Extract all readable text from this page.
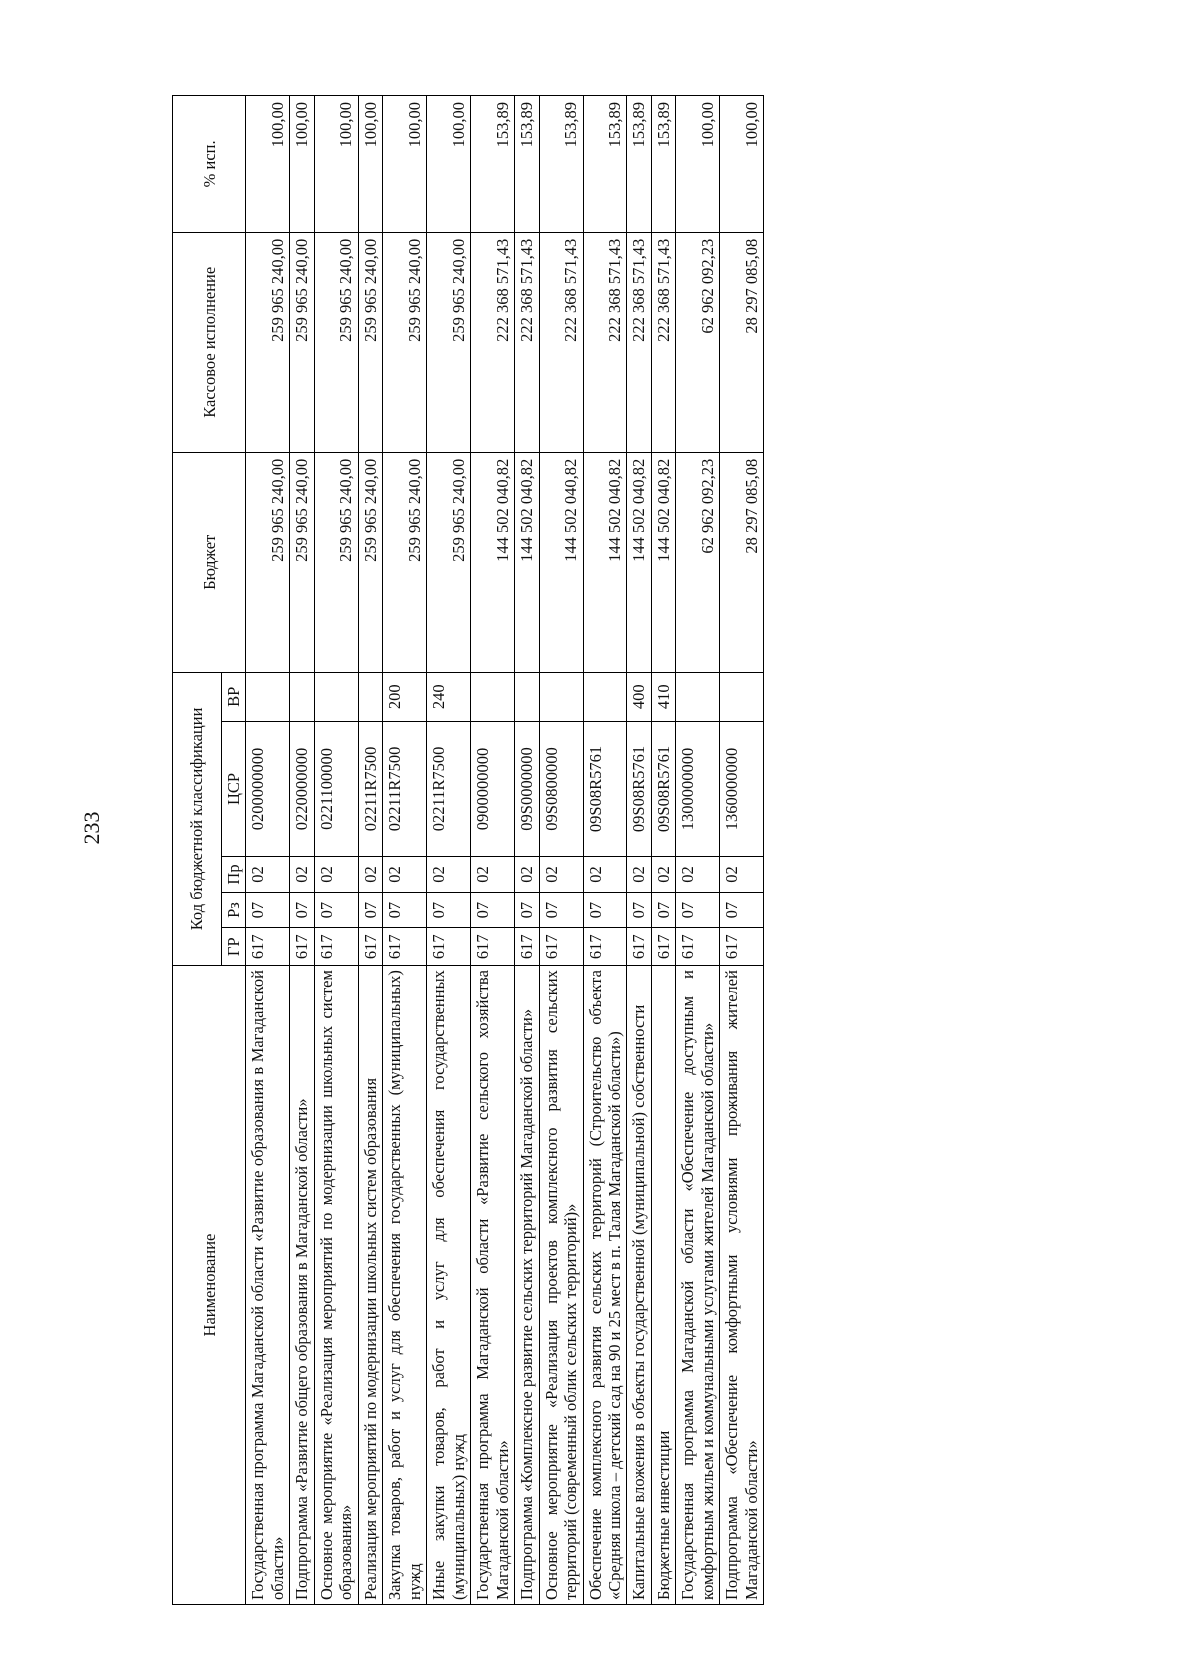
233
Наименование	Код бюджетной классификации					Бюджет	Кассовое исполнение	% исп.
	ГР	Рз	Пр	ЦСР	ВР			
Государственная программа Магаданской области «Развитие образования в Магаданской области»	617	07	02	0200000000		259 965 240,00	259 965 240,00	100,00
Подпрограмма «Развитие общего образования в Магаданской области»	617	07	02	0220000000		259 965 240,00	259 965 240,00	100,00
Основное мероприятие «Реализация мероприятий по модернизации школьных систем образования»	617	07	02	0221100000		259 965 240,00	259 965 240,00	100,00
Реализация мероприятий по модернизации школьных систем образования	617	07	02	02211R7500		259 965 240,00	259 965 240,00	100,00
Закупка товаров, работ и услуг для обеспечения государственных (муниципальных) нужд	617	07	02	02211R7500	200	259 965 240,00	259 965 240,00	100,00
Иные закупки товаров, работ и услуг для обеспечения государственных (муниципальных) нужд	617	07	02	02211R7500	240	259 965 240,00	259 965 240,00	100,00
Государственная программа Магаданской области «Развитие сельского хозяйства Магаданской области»	617	07	02	0900000000		144 502 040,82	222 368 571,43	153,89
Подпрограмма «Комплексное развитие сельских территорий Магаданской области»	617	07	02	09S0000000		144 502 040,82	222 368 571,43	153,89
Основное мероприятие «Реализация проектов комплексного развития сельских территорий (современный облик сельских территорий)»	617	07	02	09S0800000		144 502 040,82	222 368 571,43	153,89
Обеспечение комплексного развития сельских территорий (Строительство объекта «Средняя школа – детский сад на 90 и 25 мест в п. Талая Магаданской области»)	617	07	02	09S08R5761		144 502 040,82	222 368 571,43	153,89
Капитальные вложения в объекты государственной (муниципальной) собственности	617	07	02	09S08R5761	400	144 502 040,82	222 368 571,43	153,89
Бюджетные инвестиции	617	07	02	09S08R5761	410	144 502 040,82	222 368 571,43	153,89
Государственная программа Магаданской области «Обеспечение доступным и комфортным жильем и коммунальными услугами жителей Магаданской области»	617	07	02	1300000000		62 962 092,23	62 962 092,23	100,00
Подпрограмма «Обеспечение комфортными условиями проживания жителей Магаданской области»	617	07	02	1360000000		28 297 085,08	28 297 085,08	100,00
